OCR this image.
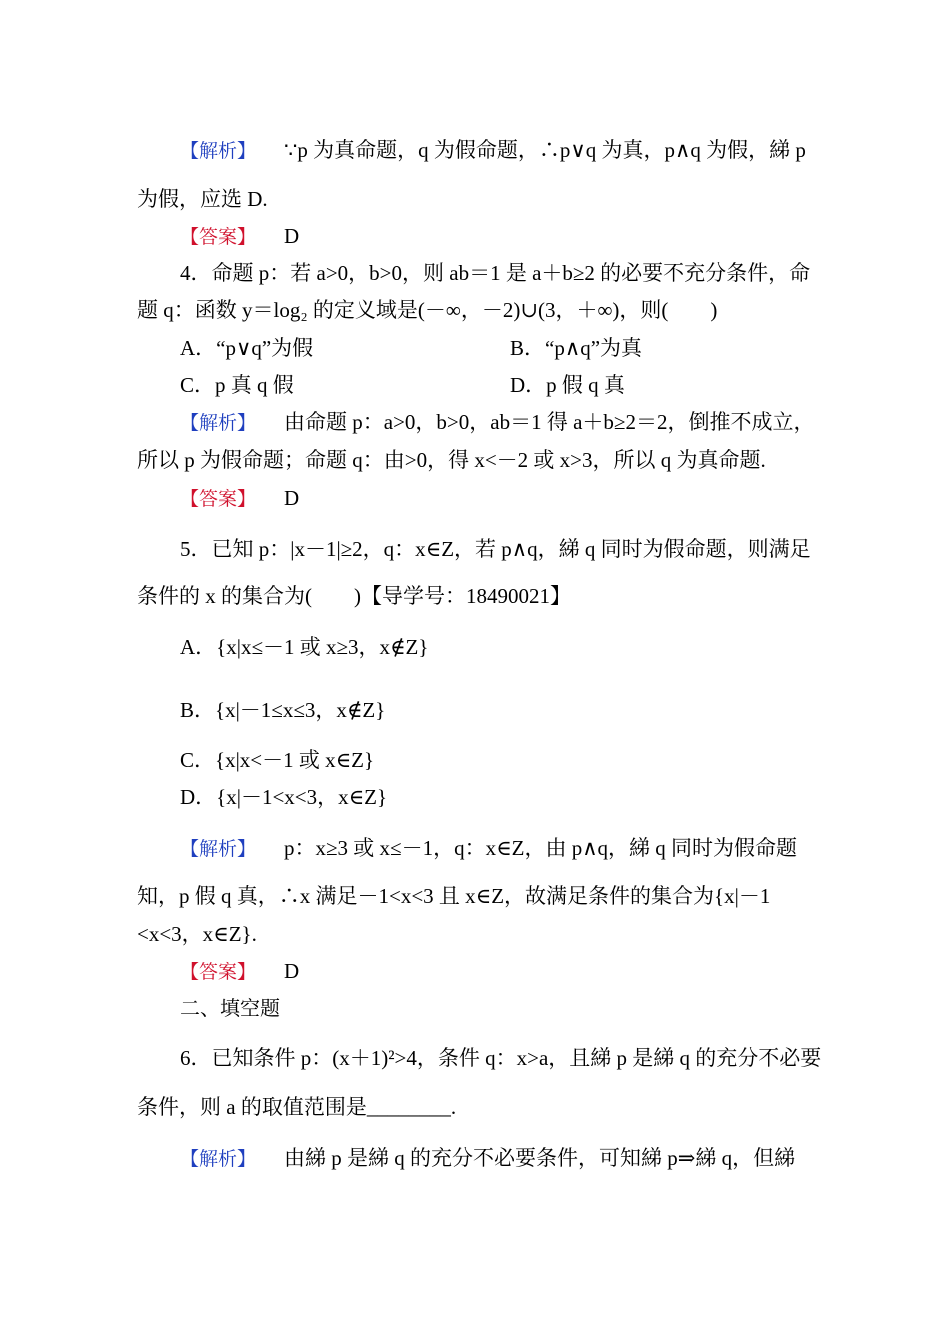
【解析】 ∵p 为真命题，q 为假命题，∴p∨q 为真，p∧q 为假，綈 p
为假，应选 D.
【答案】 D
4．命题 p：若 a>0，b>0，则 ab＝1 是 a＋b≥2 的必要不充分条件，命
题 q：函数 y＝log₂ 的定义域是(－∞，－2)∪(3，＋∞)，则(　　)
A．“p∨q”为假	B．“p∧q”为真
C．p 真 q 假	D．p 假 q 真
【解析】 由命题 p：a>0，b>0，ab＝1 得 a＋b≥2＝2，倒推不成立，
所以 p 为假命题；命题 q：由>0，得 x<－2 或 x>3，所以 q 为真命题.
【答案】 D
5．已知 p：|x－1|≥2，q：x∈Z，若 p∧q，綈 q 同时为假命题，则满足
条件的 x 的集合为(　　)【导学号：18490021】
A．{x|x≤－1 或 x≥3，x∉Z}
B．{x|－1≤x≤3，x∉Z}
C．{x|x<－1 或 x∈Z}
D．{x|－1<x<3，x∈Z}
【解析】 p：x≥3 或 x≤－1，q：x∈Z，由 p∧q，綈 q 同时为假命题
知，p 假 q 真，∴x 满足－1<x<3 且 x∈Z，故满足条件的集合为{x|－1
<x<3，x∈Z}.
【答案】 D
二、填空题
6．已知条件 p：(x＋1)²>4，条件 q：x>a，且綈 p 是綈 q 的充分不必要
条件，则 a 的取值范围是________.
【解析】 由綈 p 是綈 q 的充分不必要条件，可知綈 p⇒綈 q，但綈
